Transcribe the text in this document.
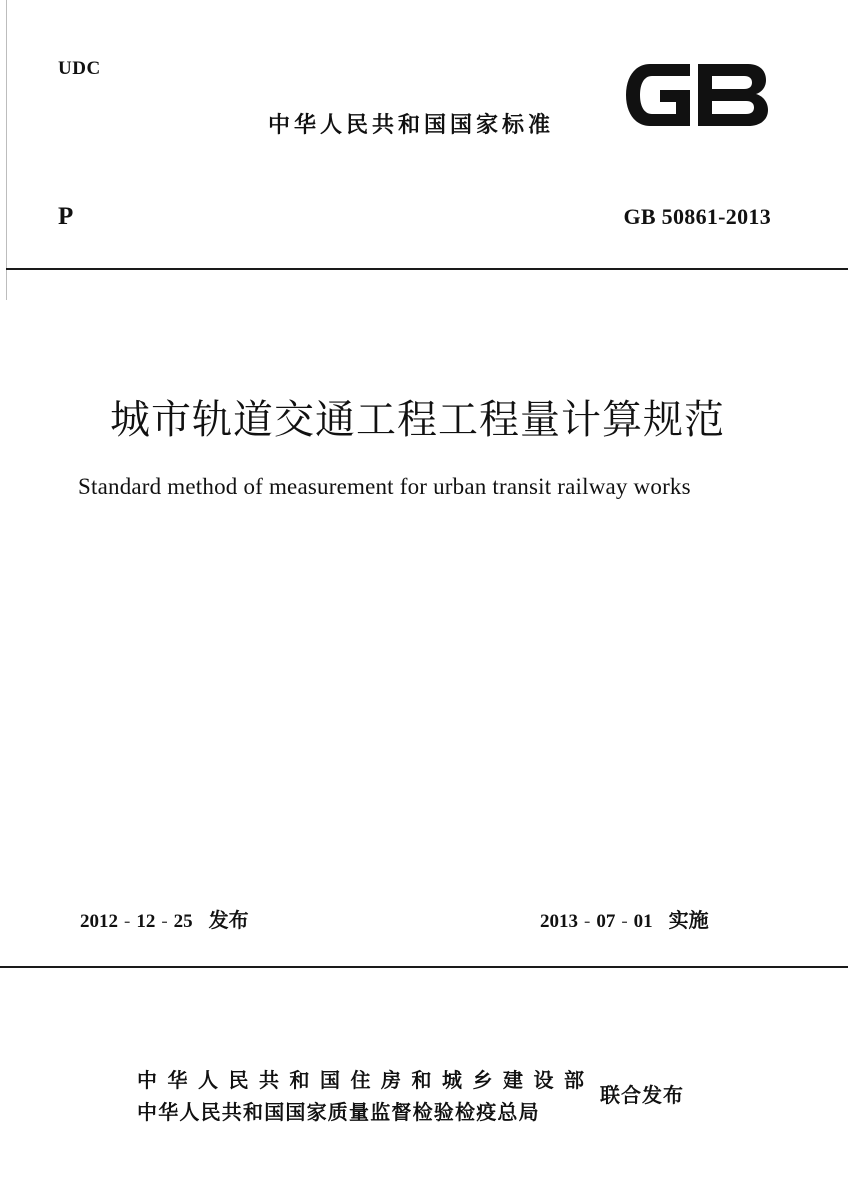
UDC
中华人民共和国国家标准
P	GB 50861-2013
城市轨道交通工程工程量计算规范
Standard method of measurement for urban transit railway works
2012 - 12 - 25 发布	2013 - 07 - 01 实施
中华人民共和国住房和城乡建设部
中华人民共和国国家质量监督检验检疫总局
联合发布
